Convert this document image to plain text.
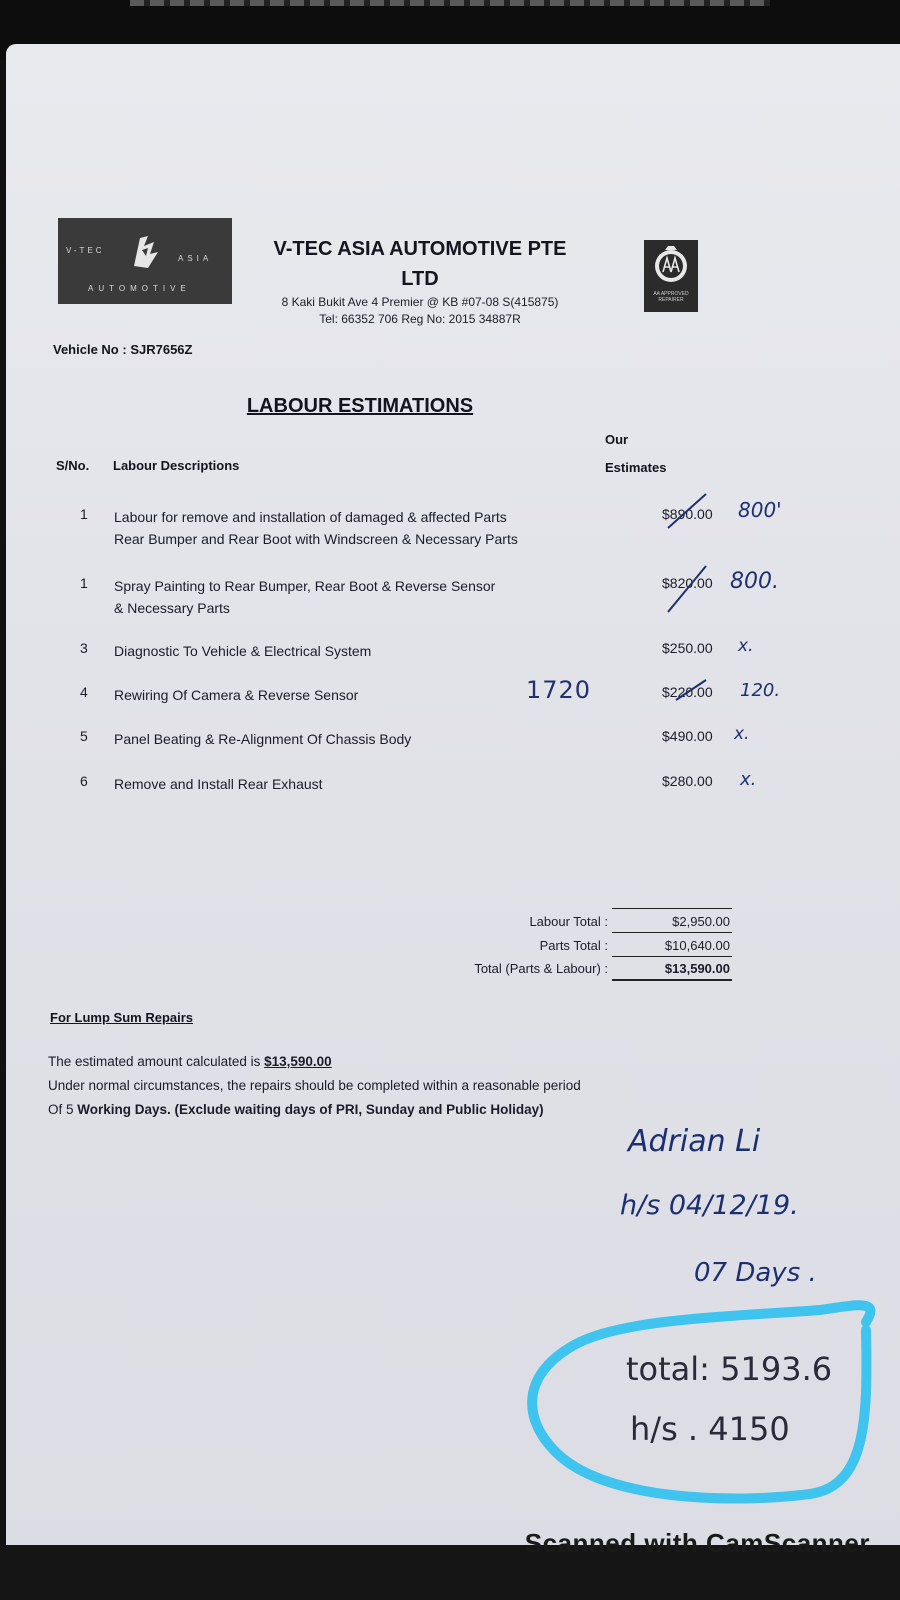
V-TEC
ASIA
AUTOMOTIVE
V-TEC ASIA AUTOMOTIVE PTE
LTD
8 Kaki Bukit Ave 4 Premier @ KB #07-08 S(415875)
Tel: 66352 706 Reg No: 2015 34887R
AA APPROVED REPAIRER
Vehicle No : SJR7656Z
LABOUR ESTIMATIONS
Our
Estimates
S/No. Labour Descriptions
1 Labour for remove and installation of damaged & affected Parts
Rear Bumper and Rear Boot with Windscreen & Necessary Parts
$890.00 800'
1 Spray Painting to Rear Bumper, Rear Boot & Reverse Sensor
& Necessary Parts
$820.00 800.
3 Diagnostic To Vehicle & Electrical System	$250.00 x.
4 Rewiring Of Camera & Reverse Sensor	$220.00 120.
5 Panel Beating & Re-Alignment Of Chassis Body	$490.00 x.
6 Remove and Install Rear Exhaust	$280.00 x.
1720
Labour Total :	$2,950.00
Parts Total :	$10,640.00
Total (Parts & Labour) :	$13,590.00
For Lump Sum Repairs
The estimated amount calculated is $13,590.00
Under normal circumstances, the repairs should be completed within a reasonable period
Of 5 Working Days. (Exclude waiting days of PRI, Sunday and Public Holiday)
Adrian Li
h/s 04/12/19.
07 Days .
total: 5193.6
h/s . 4150
Scanned with CamScanner
